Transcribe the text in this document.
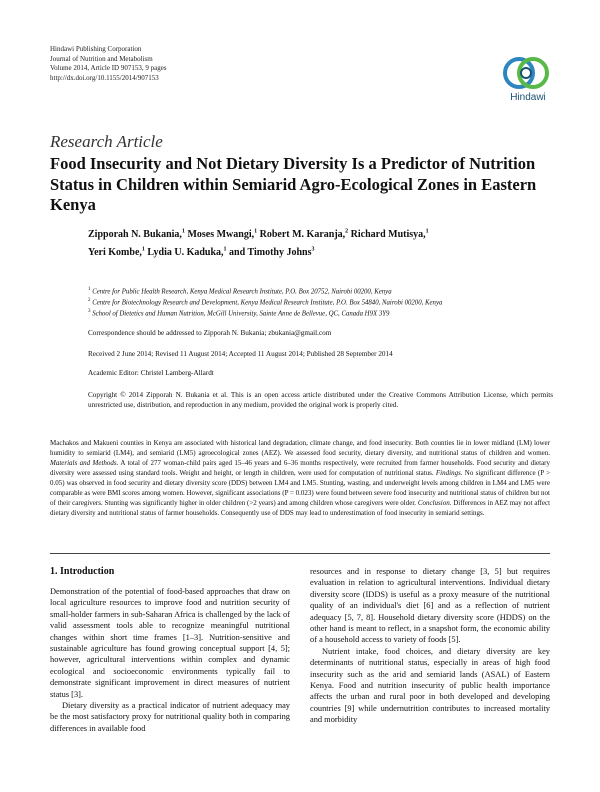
Hindawi Publishing Corporation
Journal of Nutrition and Metabolism
Volume 2014, Article ID 907153, 9 pages
http://dx.doi.org/10.1155/2014/907153
Hindawi
Research Article
Food Insecurity and Not Dietary Diversity Is a Predictor of Nutrition Status in Children within Semiarid Agro-Ecological Zones in Eastern Kenya
Zipporah N. Bukania,$^1$ Moses Mwangi,$^1$ Robert M. Karanja,$^2$ Richard Mutisya,$^1$
Yeri Kombe,$^1$ Lydia U. Kaduka,$^1$ and Timothy Johns$^3$
$^1$ Centre for Public Health Research, Kenya Medical Research Institute, P.O. Box 20752, Nairobi 00200, Kenya
$^2$ Centre for Biotechnology Research and Development, Kenya Medical Research Institute, P.O. Box 54840, Nairobi 00200, Kenya
$^3$ School of Dietetics and Human Nutrition, McGill University, Sainte Anne de Bellevue, QC, Canada H9X 3Y9
Correspondence should be addressed to Zipporah N. Bukania; zbukania@gmail.com
Received 2 June 2014; Revised 11 August 2014; Accepted 11 August 2014; Published 28 September 2014
Academic Editor: Christel Lamberg-Allardt
Copyright © 2014 Zipporah N. Bukania et al. This is an open access article distributed under the Creative Commons Attribution License, which permits unrestricted use, distribution, and reproduction in any medium, provided the original work is properly cited.
Machakos and Makueni counties in Kenya are associated with historical land degradation, climate change, and food insecurity. Both counties lie in lower midland (LM) lower humidity to semiarid (LM4), and semiarid (LM5) agroecological zones (AEZ). We assessed food security, dietary diversity, and nutritional status of children and women. Materials and Methods. A total of 277 woman-child pairs aged 15–46 years and 6–36 months respectively, were recruited from farmer households. Food security and dietary diversity were assessed using standard tools. Weight and height, or length in children, were used for computation of nutritional status. Findings. No significant difference (P > 0.05) was observed in food security and dietary diversity score (DDS) between LM4 and LM5. Stunting, wasting, and underweight levels among children in LM4 and LM5 were comparable as were BMI scores among women. However, significant associations (P = 0.023) were found between severe food insecurity and nutritional status of children but not of their caregivers. Stunting was significantly higher in older children (>2 years) and among children whose caregivers were older. Conclusion. Differences in AEZ may not affect dietary diversity and nutritional status of farmer households. Consequently use of DDS may lead to underestimation of food insecurity in semiarid settings.
1. Introduction

Demonstration of the potential of food-based approaches that draw on local agriculture resources to improve food and nutrition security of small-holder farmers in sub-Saharan Africa is challenged by the lack of valid assessment tools able to recognize meaningful nutritional changes within short time frames [1–3]. Nutrition-sensitive and sustainable agriculture has found growing conceptual support [4, 5]; however, agricultural interventions within complex and dynamic ecological and socioeconomic environments typically fail to demonstrate significant improvement in direct measures of nutrient status [3].

Dietary diversity as a practical indicator of nutrient adequacy may be the most satisfactory proxy for nutritional quality both in comparing differences in available food

resources and in response to dietary change [3, 5] but requires evaluation in relation to agricultural interventions. Individual dietary diversity score (IDDS) is useful as a proxy measure of the nutritional quality of an individual's diet [6] and as a reflection of nutrient adequacy [5, 7, 8]. Household dietary diversity score (HDDS) on the other hand is meant to reflect, in a snapshot form, the economic ability of a household access to variety of foods [5].

Nutrient intake, food choices, and dietary diversity are key determinants of nutritional status, especially in areas of high food insecurity such as the arid and semiarid lands (ASAL) of Eastern Kenya. Food and nutrition insecurity of public health importance affects the urban and rural poor in both developed and developing countries [9] while undernutrition contributes to increased mortality and morbidity
